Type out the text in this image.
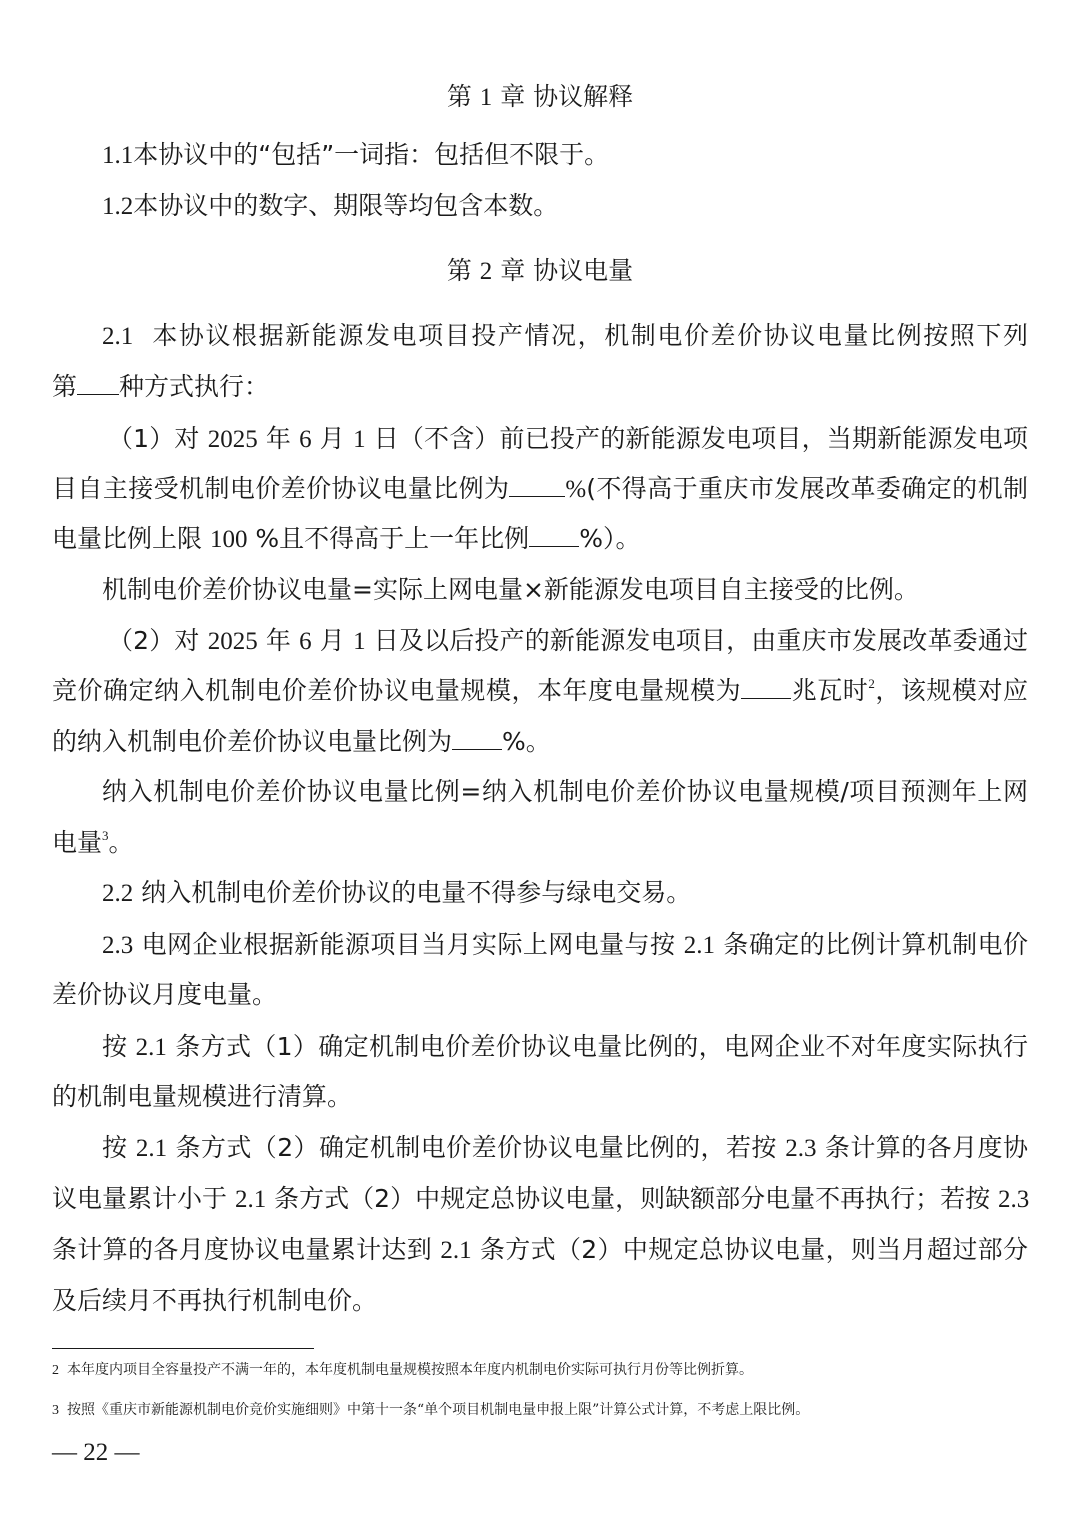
第 1 章 协议解释
1.1本协议中的“包括”一词指：包括但不限于。
1.2本协议中的数字、期限等均包含本数。
第 2 章 协议电量
2.1 本协议根据新能源发电项目投产情况，机制电价差价协议电量比例按照下列
第 种方式执行：
（1）对 2025 年 6 月 1 日（不含）前已投产的新能源发电项目，当期新能源发电项
目自主接受机制电价差价协议电量比例为 %(不得高于重庆市发展改革委确定的机制
电量比例上限 100 %且不得高于上一年比例 %）。
机制电价差价协议电量=实际上网电量×新能源发电项目自主接受的比例。
（2）对 2025 年 6 月 1 日及以后投产的新能源发电项目，由重庆市发展改革委通过
竞价确定纳入机制电价差价协议电量规模，本年度电量规模为 兆瓦时$^2$，该规模对应
的纳入机制电价差价协议电量比例为 %。
纳入机制电价差价协议电量比例=纳入机制电价差价协议电量规模/项目预测年上网
电量$^3$。
2.2 纳入机制电价差价协议的电量不得参与绿电交易。
2.3 电网企业根据新能源项目当月实际上网电量与按 2.1 条确定的比例计算机制电价
差价协议月度电量。
按 2.1 条方式（1）确定机制电价差价协议电量比例的，电网企业不对年度实际执行
的机制电量规模进行清算。
按 2.1 条方式（2）确定机制电价差价协议电量比例的，若按 2.3 条计算的各月度协
议电量累计小于 2.1 条方式（2）中规定总协议电量，则缺额部分电量不再执行；若按 2.3
条计算的各月度协议电量累计达到 2.1 条方式（2）中规定总协议电量，则当月超过部分
及后续月不再执行机制电价。
2 本年度内项目全容量投产不满一年的，本年度机制电量规模按照本年度内机制电价实际可执行月份等比例折算。
3 按照《重庆市新能源机制电价竞价实施细则》中第十一条“单个项目机制电量申报上限”计算公式计算，不考虑上限比例。
— 22 —
